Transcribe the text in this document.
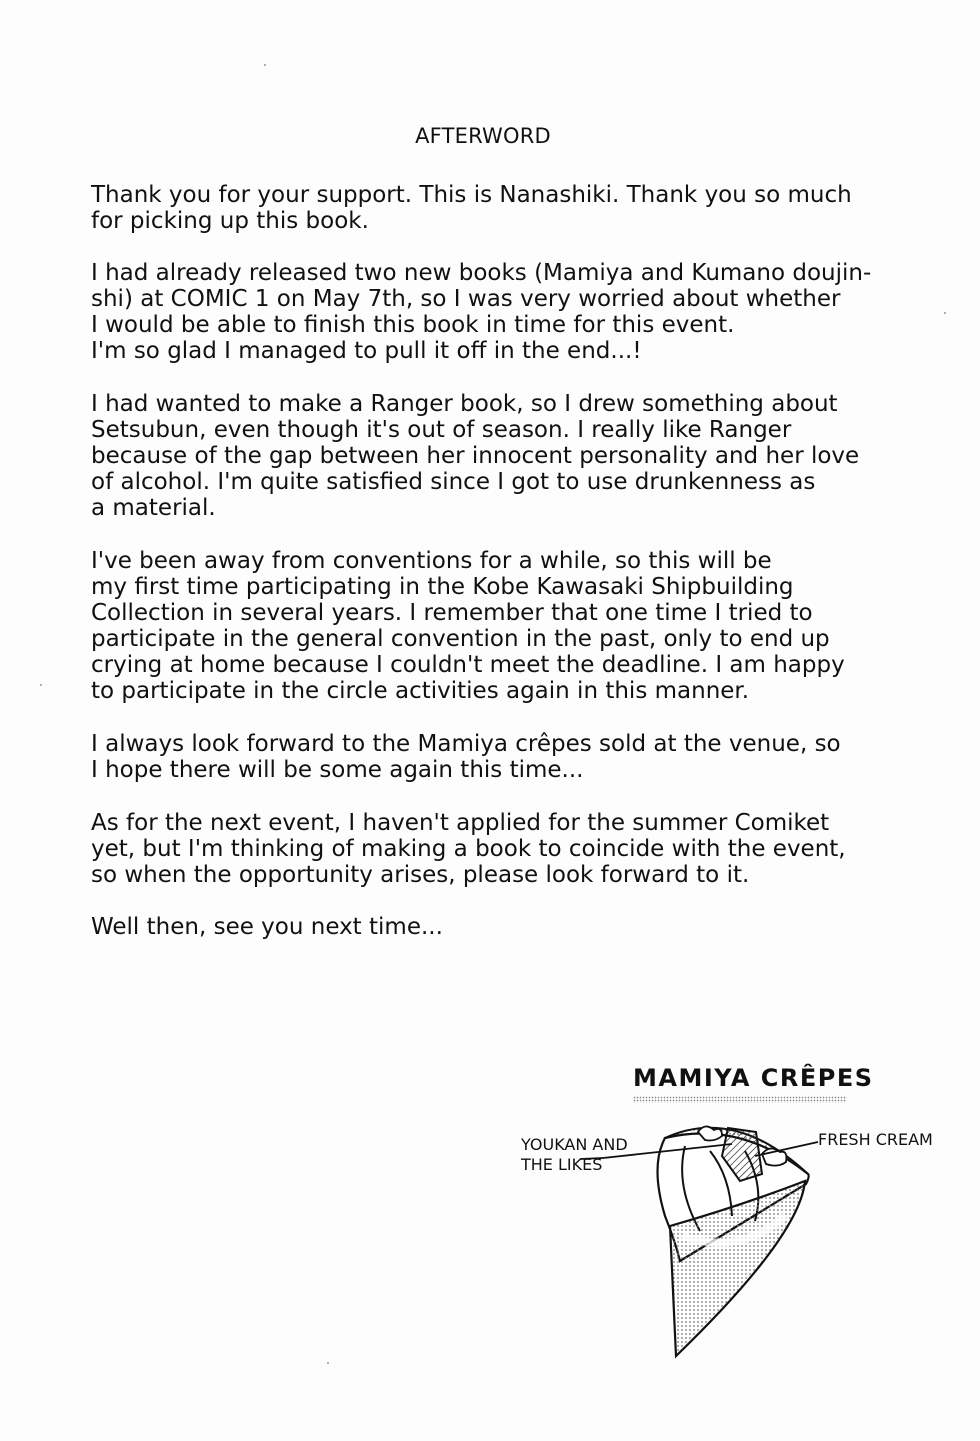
AFTERWORD
Thank you for your support. This is Nanashiki. Thank you so much
for picking up this book.
I had already released two new books (Mamiya and Kumano doujin-
shi) at COMIC 1 on May 7th, so I was very worried about whether
I would be able to finish this book in time for this event.
I'm so glad I managed to pull it off in the end...!
I had wanted to make a Ranger book, so I drew something about
Setsubun, even though it's out of season. I really like Ranger
because of the gap between her innocent personality and her love
of alcohol. I'm quite satisfied since I got to use drunkenness as
a material.
I've been away from conventions for a while, so this will be
my first time participating in the Kobe Kawasaki Shipbuilding
Collection in several years. I remember that one time I tried to
participate in the general convention in the past, only to end up
crying at home because I couldn't meet the deadline. I am happy
to participate in the circle activities again in this manner.
I always look forward to the Mamiya crêpes sold at the venue, so
I hope there will be some again this time...
As for the next event, I haven't applied for the summer Comiket
yet, but I'm thinking of making a book to coincide with the event,
so when the opportunity arises, please look forward to it.
Well then, see you next time...
MAMIYA CRÊPES
YOUKAN AND
THE LIKES
FRESH CREAM
